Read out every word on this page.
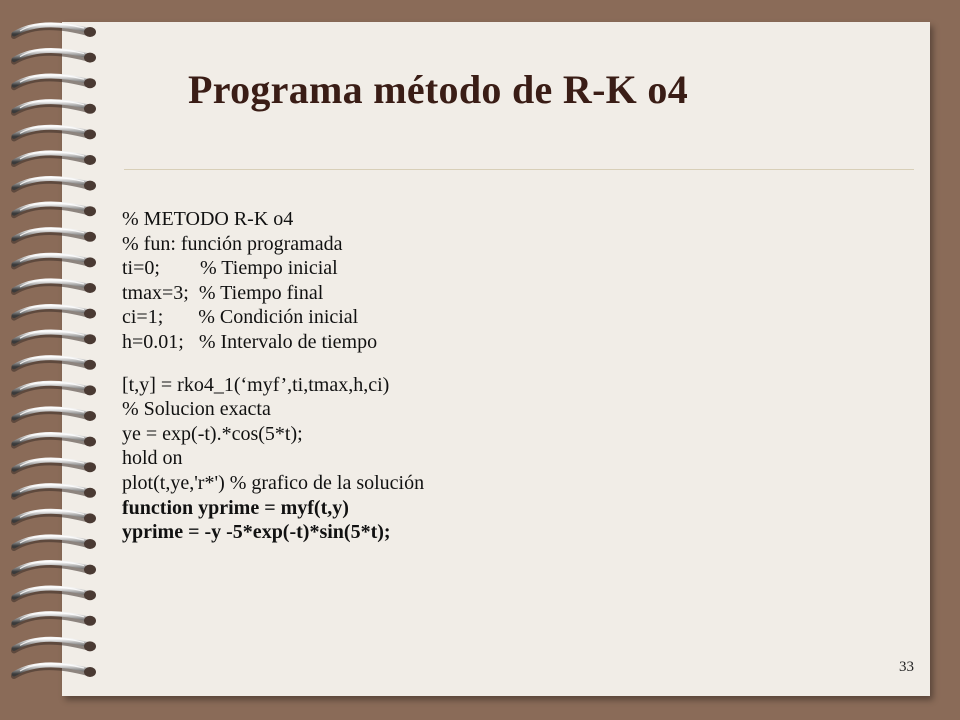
Programa método de R-K o4
% METODO R-K o4
% fun: función programada
ti=0;        % Tiempo inicial
tmax=3;  % Tiempo final
ci=1;       % Condición inicial
h=0.01;   % Intervalo de tiempo
[t,y] = rko4_1(‘myf’,ti,tmax,h,ci)
% Solucion exacta
ye = exp(-t).*cos(5*t);
hold on
plot(t,ye,'r*') % grafico de la solución
function yprime = myf(t,y)
yprime = -y -5*exp(-t)*sin(5*t);
33
